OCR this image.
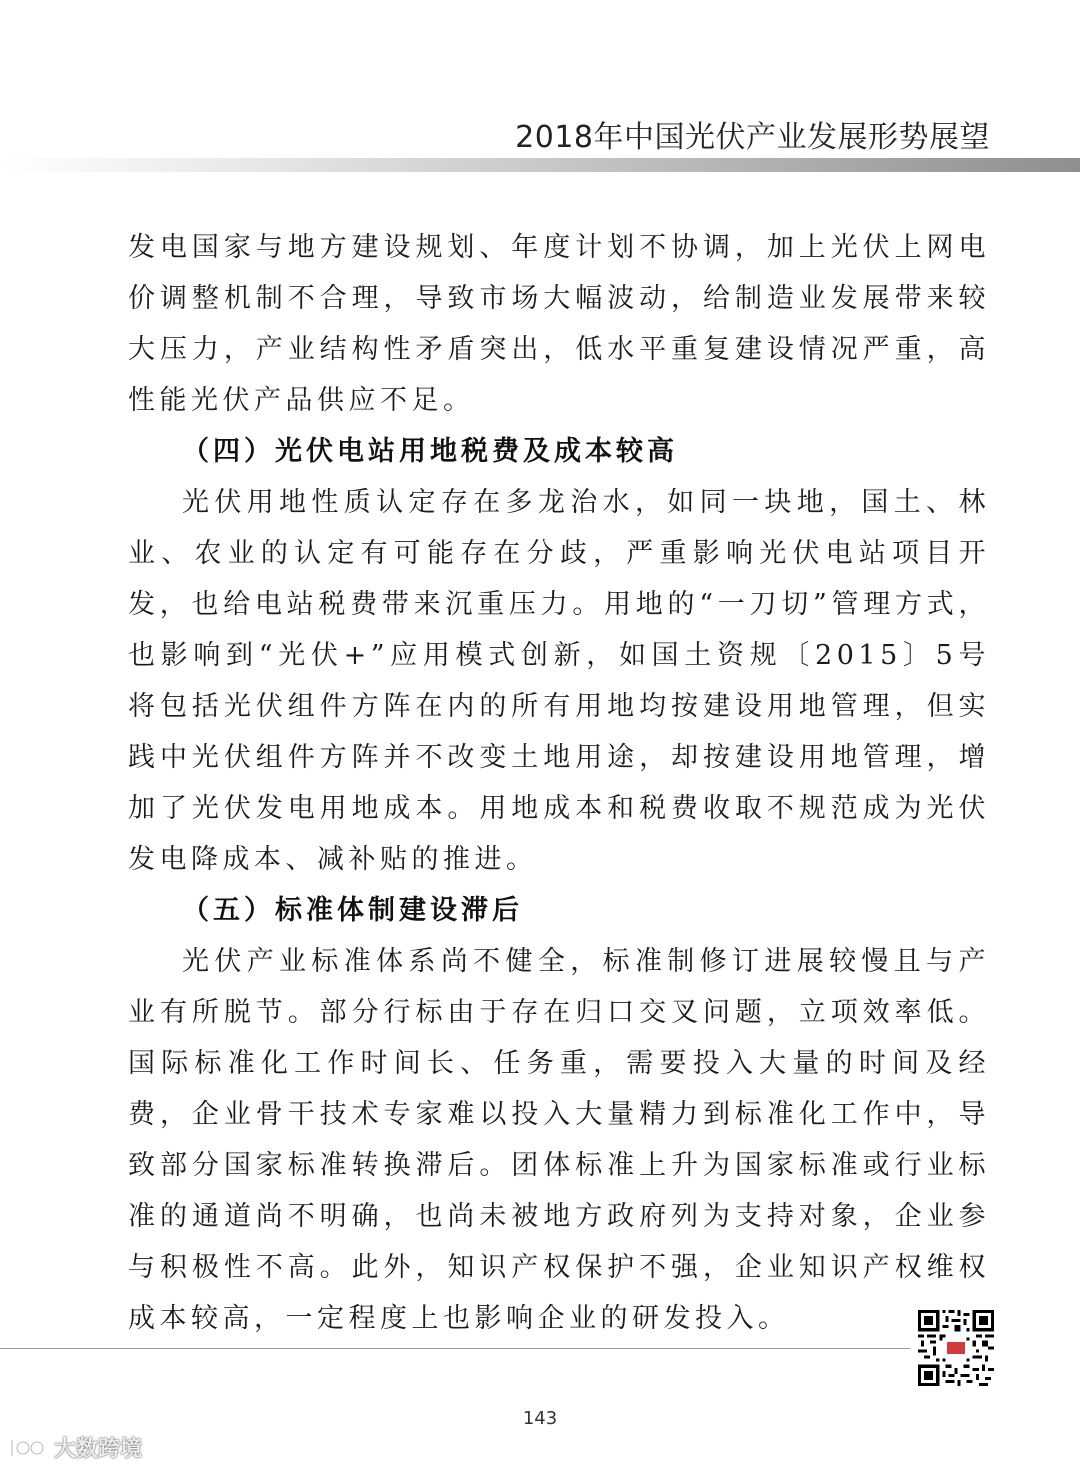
2018年中国光伏产业发展形势展望

发电国家与地方建设规划、年度计划不协调，加上光伏上网电价调整机制不合理，导致市场大幅波动，给制造业发展带来较大压力，产业结构性矛盾突出，低水平重复建设情况严重，高性能光伏产品供应不足。

（四）光伏电站用地税费及成本较高

光伏用地性质认定存在多龙治水，如同一块地，国土、林业、农业的认定有可能存在分歧，严重影响光伏电站项目开发，也给电站税费带来沉重压力。用地的“一刀切”管理方式，也影响到“光伏+”应用模式创新，如国土资规〔2015〕5号将包括光伏组件方阵在内的所有用地均按建设用地管理，但实践中光伏组件方阵并不改变土地用途，却按建设用地管理，增加了光伏发电用地成本。用地成本和税费收取不规范成为光伏发电降成本、减补贴的推进。

（五）标准体制建设滞后

光伏产业标准体系尚不健全，标准制修订进展较慢且与产业有所脱节。部分行标由于存在归口交叉问题，立项效率低。国际标准化工作时间长、任务重，需要投入大量的时间及经费，企业骨干技术专家难以投入大量精力到标准化工作中，导致部分国家标准转换滞后。团体标准上升为国家标准或行业标准的通道尚不明确，也尚未被地方政府列为支持对象，企业参与积极性不高。此外，知识产权保护不强，企业知识产权维权成本较高，一定程度上也影响企业的研发投入。

143
大数跨境
